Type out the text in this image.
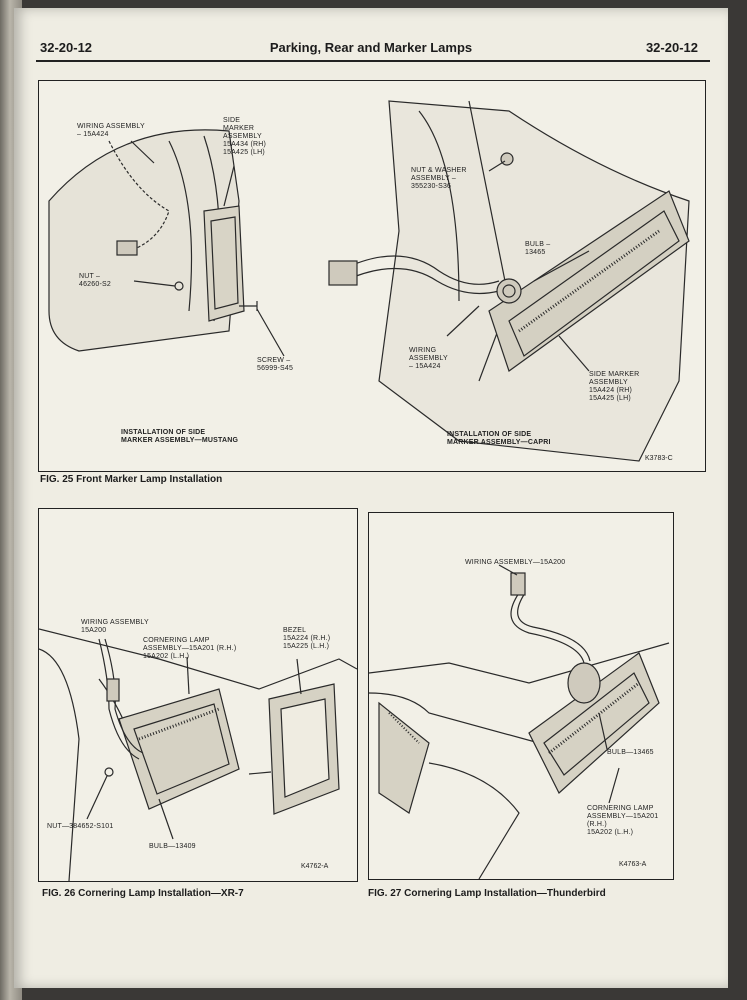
32-20-12	Parking, Rear and Marker Lamps	32-20-12
WIRING ASSEMBLY
– 15A424
SIDE
MARKER
ASSEMBLY
15A434 (RH)
15A425 (LH)
NUT –
46260-S2
SCREW –
56999-S45
INSTALLATION OF SIDE
MARKER ASSEMBLY—MUSTANG
NUT & WASHER
ASSEMBLY –
355230-S36
BULB –
13465
WIRING
ASSEMBLY
– 15A424
SIDE MARKER
ASSEMBLY
15A424 (RH)
15A425 (LH)
INSTALLATION OF SIDE
MARKER ASSEMBLY—CAPRI
K3783-C
FIG. 25 Front Marker Lamp Installation
WIRING ASSEMBLY
15A200
CORNERING LAMP
ASSEMBLY—15A201 (R.H.)
15A202 (L.H.)
BEZEL
15A224 (R.H.)
15A225 (L.H.)
NUT—384652-S101
BULB—13409
K4762-A
FIG. 26 Cornering Lamp Installation—XR-7
WIRING ASSEMBLY—15A200
BULB—13465
CORNERING LAMP
ASSEMBLY—15A201 (R.H.)
15A202 (L.H.)
K4763-A
FIG. 27 Cornering Lamp Installation—Thunderbird
